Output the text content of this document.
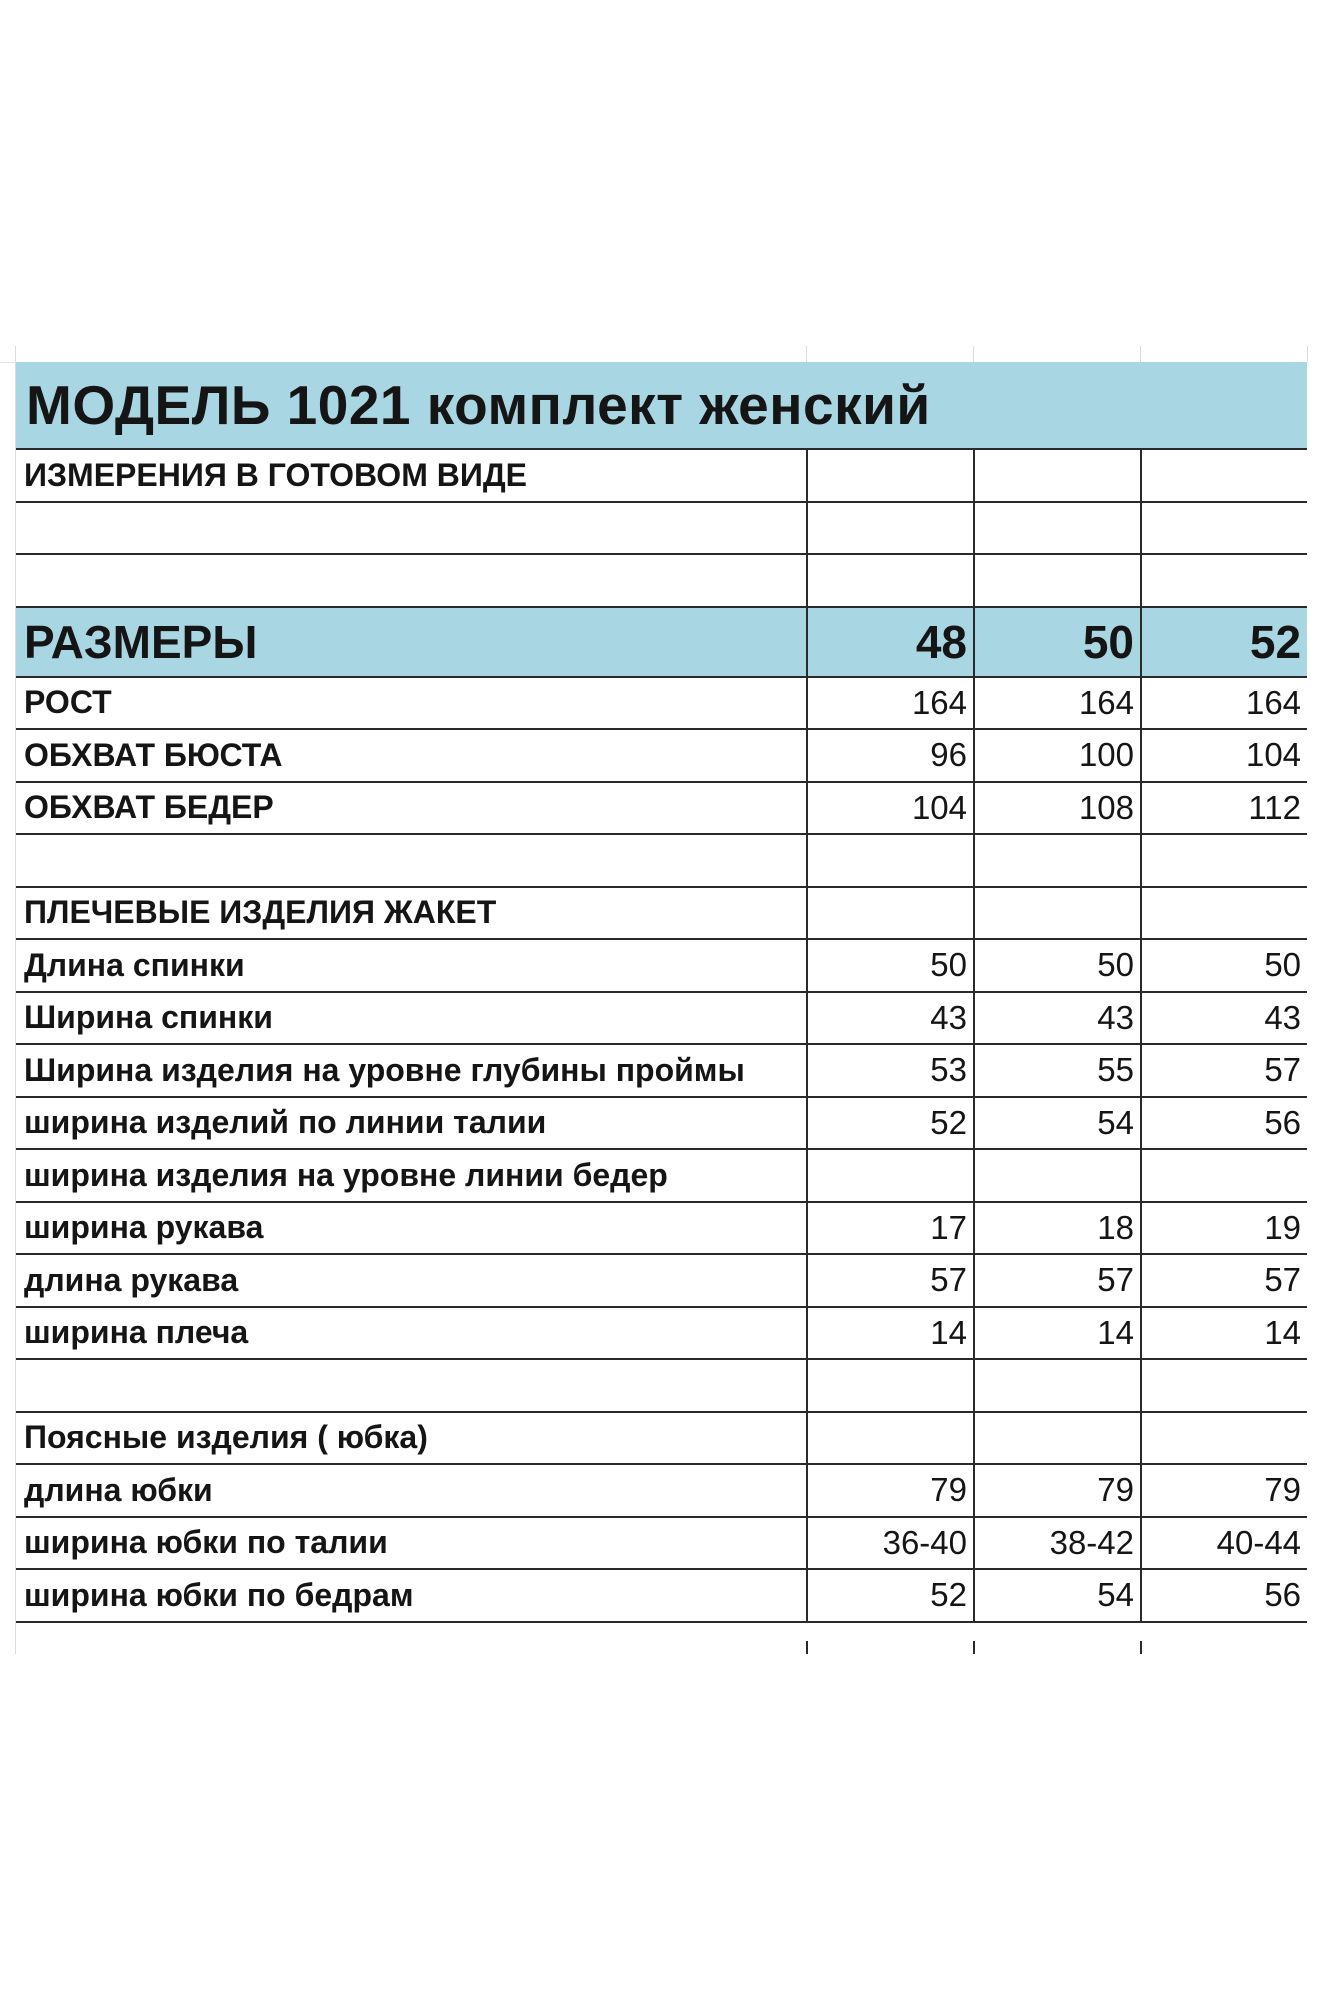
МОДЕЛЬ 1021 комплект женский			
ИЗМЕРЕНИЯ В ГОТОВОМ ВИДЕ			

РАЗМЕРЫ	48	50	52
РОСТ	164	164	164
ОБХВАТ БЮСТА	96	100	104
ОБХВАТ БЕДЕР	104	108	112

ПЛЕЧЕВЫЕ ИЗДЕЛИЯ ЖАКЕТ			
Длина спинки	50	50	50
Ширина спинки	43	43	43
Ширина изделия на уровне глубины проймы	53	55	57
ширина изделий по линии талии	52	54	56
ширина изделия на уровне линии бедер			
ширина рукава	17	18	19
длина рукава	57	57	57
ширина плеча	14	14	14

Поясные изделия ( юбка)			
длина юбки	79	79	79
ширина юбки по талии	36-40	38-42	40-44
ширина юбки по бедрам	52	54	56
